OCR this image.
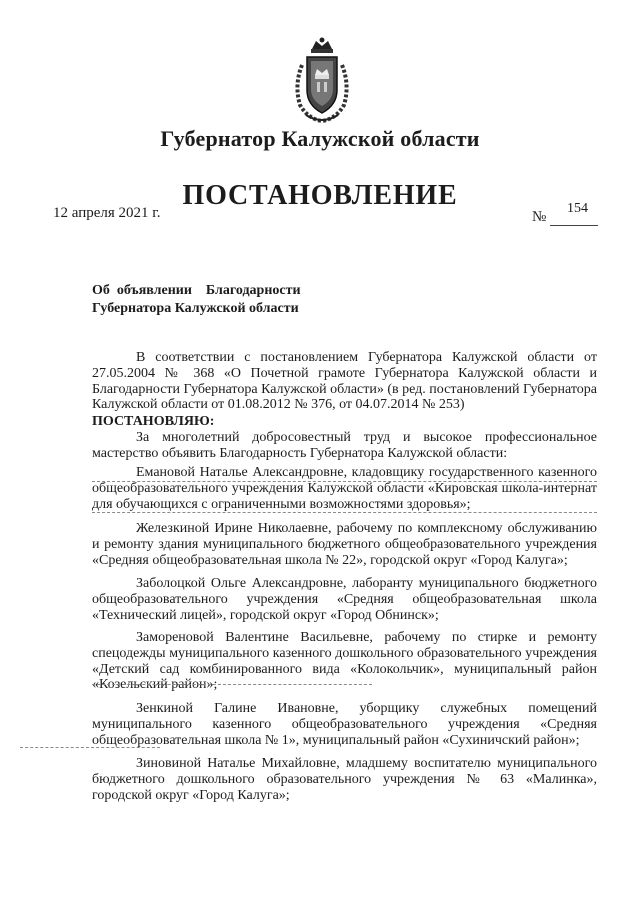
Губернатор Калужской области
ПОСТАНОВЛЕНИЕ
12 апреля 2021 г.	№
154
Об  объявлении    Благодарности
Губернатора Калужской области
В соответствии с постановлением Губернатора Калужской области от 27.05.2004 № 368 «О Почетной грамоте Губернатора Калужской области и Благодарности Губернатора Калужской области» (в ред. постановлений Губернатора Калужской области от 01.08.2012 № 376, от 04.07.2014 № 253)
ПОСТАНОВЛЯЮ:
За многолетний добросовестный труд и высокое профессиональное мастерство объявить Благодарность Губернатора Калужской области:
Емановой Наталье Александровне, кладовщику государственного казенного общеобразовательного учреждения Калужской области «Кировская школа-интернат для обучающихся с ограниченными возможностями здоровья»;
Железкиной Ирине Николаевне, рабочему по комплексному обслуживанию и ремонту здания муниципального бюджетного общеобразовательного учреждения «Средняя общеобразовательная школа № 22», городской округ «Город Калуга»;
Заболоцкой Ольге Александровне, лаборанту муниципального бюджетного общеобразовательного учреждения «Средняя общеобразовательная школа «Технический лицей», городской округ «Город Обнинск»;
Замореновой Валентине Васильевне, рабочему по стирке и ремонту спецодежды муниципального казенного дошкольного образовательного учреждения «Детский сад комбинированного вида «Колокольчик», муниципальный район «Козельский район»;
Зенкиной Галине Ивановне, уборщику служебных помещений муниципального казенного общеобразовательного учреждения «Средняя общеобразовательная школа № 1», муниципальный район «Сухиничский район»;
Зиновиной Наталье Михайловне, младшему воспитателю муниципального бюджетного дошкольного образовательного учреждения № 63 «Малинка», городской округ «Город Калуга»;
